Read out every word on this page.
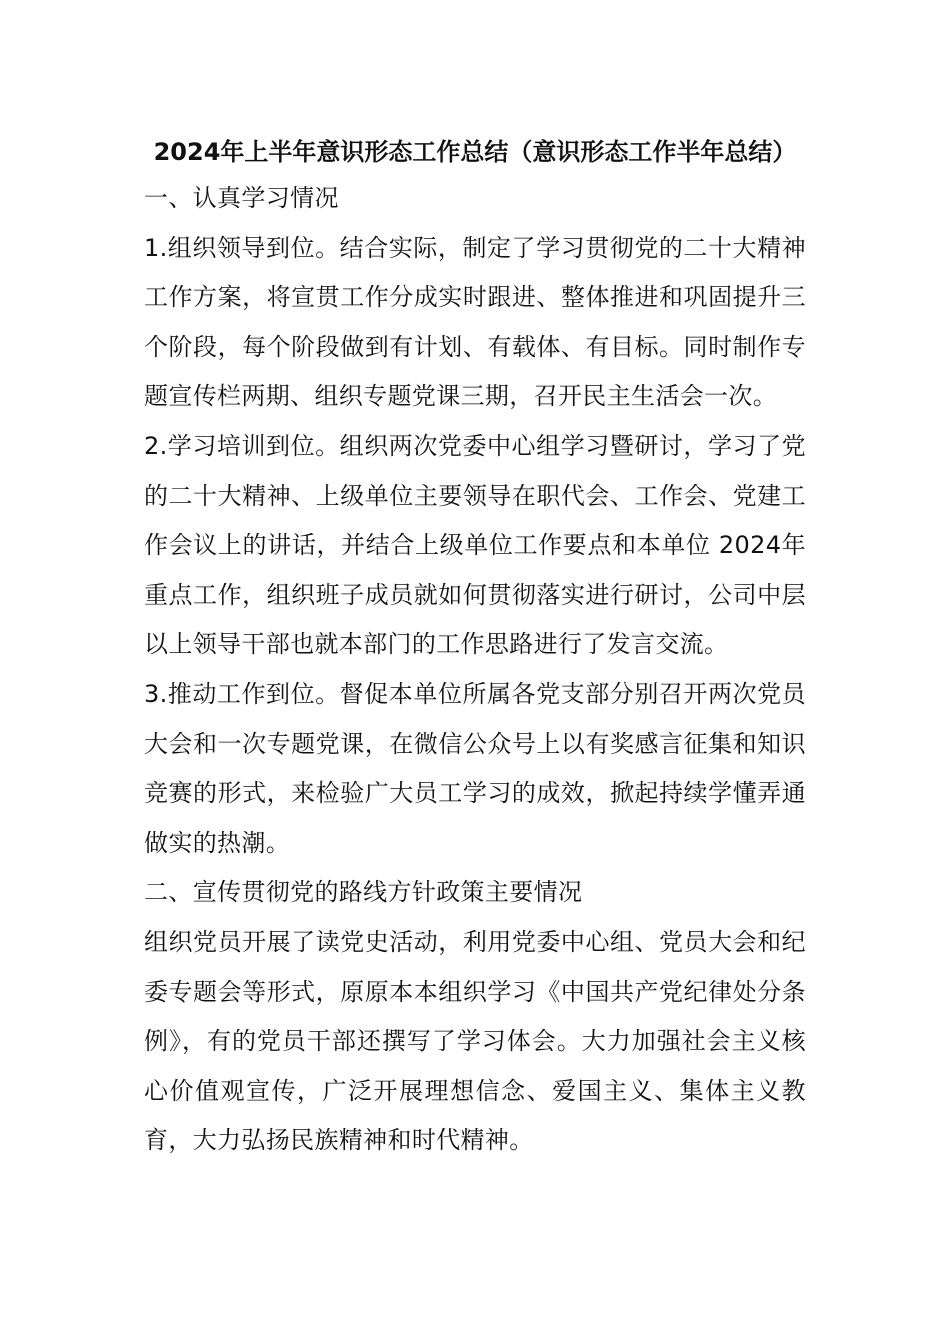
2024年上半年意识形态工作总结（意识形态工作半年总结）

一、认真学习情况

1.组织领导到位。结合实际，制定了学习贯彻党的二十大精神工作方案，将宣贯工作分成实时跟进、整体推进和巩固提升三个阶段，每个阶段做到有计划、有载体、有目标。同时制作专题宣传栏两期、组织专题党课三期，召开民主生活会一次。

2.学习培训到位。组织两次党委中心组学习暨研讨，学习了党的二十大精神、上级单位主要领导在职代会、工作会、党建工作会议上的讲话，并结合上级单位工作要点和本单位 2024年重点工作，组织班子成员就如何贯彻落实进行研讨，公司中层以上领导干部也就本部门的工作思路进行了发言交流。

3.推动工作到位。督促本单位所属各党支部分别召开两次党员大会和一次专题党课，在微信公众号上以有奖感言征集和知识竞赛的形式，来检验广大员工学习的成效，掀起持续学懂弄通做实的热潮。

二、宣传贯彻党的路线方针政策主要情况

组织党员开展了读党史活动，利用党委中心组、党员大会和纪委专题会等形式，原原本本组织学习《中国共产党纪律处分条例》，有的党员干部还撰写了学习体会。大力加强社会主义核心价值观宣传，广泛开展理想信念、爱国主义、集体主义教育，大力弘扬民族精神和时代精神。
